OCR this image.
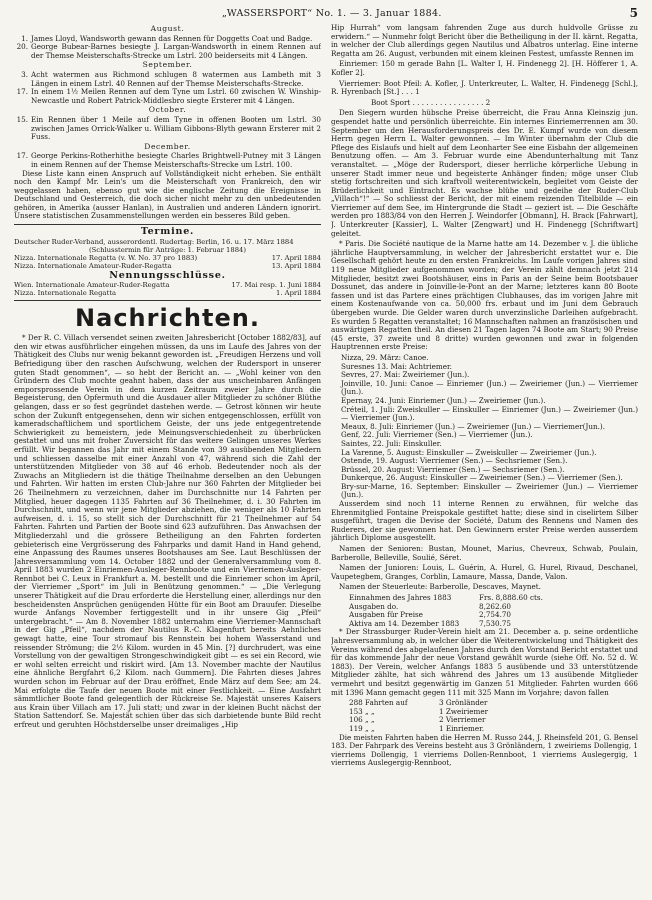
„WASSERSPORT“ No. 1. — 3. Januar 1884.	5
August.
1. James Lloyd, Wandsworth gewann das Rennen für Doggetts Coat und Badge.
20. George Bubear-Barnes besiegte J. Largan-Wandsworth in einem Rennen auf der Themse Meisterschafts-Strecke um Lstrl. 200 beiderseits mit 4 Längen.
September.
3. Acht watermen aus Richmond schlugen 8 watermen aus Lambeth mit 3 Längen in einem Lstrl. 40 Rennen auf der Themse Meisterschafts-Strecke.
17. In einem 1½ Meilen Rennen auf dem Tyne um Lstrl. 60 zwischen W. Winship-Newcastle und Robert Patrick-Middlesbro siegte Ersterer mit 4 Längen.
October.
15. Ein Rennen über 1 Meile auf dem Tyne in offenen Booten um Lstrl. 30 zwischen James Orrick-Walker u. William Gibbons-Blyth gewann Ersterer mit 2 Fuss.
December.
17. George Perkins-Rotherhithe besiegte Charles Brightwell-Putney mit 3 Längen in einem Rennen auf der Themse Meisterschafts-Strecke um Lstrl. 100.

Diese Liste kann einen Anspruch auf Vollständigkeit nicht erheben. Sie enthält noch den Kampf Mr. Lein's um die Meisterschaft von Frankreich, den wir weggelassen haben, ebenso gut wie die englische Zeitung die Ereignisse in Deutschland und Oesterreich, die doch sicher nicht mehr zu den unbedeutenden gehören, in Amerika (ausser Hanlan), in Australien und anderen Ländern ignorirt. Unsere statistischen Zusammenstellungen werden ein besseres Bild geben.

Termine.
Deutscher Ruder-Verband, ausserordentl. Rudertag: Berlin, 16. u. 17. März 1884
(Schlusstermin für Anträge: 1. Februar 1884)
Nizza. Internationale Regatta (v. W. No. 37 pro 1883)	17. April 1884
Nizza. Internationale Amateur-Ruder-Regatta	13. April 1884
Nennungsschlüsse.
Wien. Internationale Amateur-Ruder-Regatta	17. Mai resp. 1. Juni 1884
Nizza. Internationale Regatta	1. April 1884
Nachrichten.

* Der R. C. Villach versendet seinen zweiten Jahresbericht [October 1882/83], auf den wir etwas ausführlicher eingehen müssen, da uns im Laufe des Jahres von der Thätigkeit des Clubs nur wenig bekannt geworden ist. „Freudigen Herzens und voll Befriedigung über den raschen Aufschwung, welchen der Rudersport in unserer guten Stadt genommen“, — so hebt der Bericht an. — „Wohl keiner von den Gründern des Club mochte geahnt haben, dass der aus unscheinbaren Anfängen emporsprossende Verein in dem kurzen Zeitraum zweier Jahre durch die Begeisterung, den Opfermuth und die Ausdauer aller Mitglieder zu schöner Blüthe gelangen, dass er so fest gegründet dastehen werde. — Getrost können wir heute schon der Zukunft entgegensehen, denn wir sichen entgegenschlossen, erfüllt von kameradschaftlichem und sportlichem Geiste, der uns jede entgegentretende Schwierigkeit zu bemeistern, jede Meinungsverschiedenheit zu überbrücken gestattet und uns mit froher Zuversicht für das weitere Gelingen unseres Werkes erfüllt. Wir begannen das Jahr mit einem Stande von 39 ausübenden Mitgliedern und schliessen dasselbe mit einer Anzahl von 47, während sich die Zahl der unterstützenden Mitglieder von 38 auf 46 erhob. Bedeutender noch als der Zuwachs an Mitgliedern ist die thätige Theilnahme derselben an den Uebungen und Fahrten. Wir hatten im ersten Club-Jahre nur 360 Fahrten der Mitglieder bei 26 Theilnehmern zu verzeichnen, daher im Durchschnitte nur 14 Fahrten per Mitglied, heuer dagegen 1135 Fahrten auf 36 Theilnehmer, d. i. 30 Fahrten im Durchschnitt, und wenn wir jene Mitglieder abziehen, die weniger als 10 Fahrten aufweisen, d. i. 15, so stellt sich der Durchschnitt für 21 Theilnehmer auf 54 Fahrten. Fahrten und Partien der Boote sind 623 aufzuführen. Das Anwachsen der Mitgliederzahl und die grössere Betheiligung an den Fahrten forderten gebieterisch eine Vergrösserung des Fahrparks und damit Hand in Hand gehend, eine Anpassung des Raumes unseres Bootshauses am See. Laut Beschlüssen der Jahresversammlung vom 14. October 1882 und der Generalversammlung vom 8. April 1883 wurden 2 Einriemen-Ausleger-Rennboote und ein Vierriemen-Ausleger-Rennbot bei C. Leux in Frankfurt a. M. bestellt und die Einriemer schon im April, der Vierriemer „Sport“ im Juli in Benützung genommen.“ — „Die Verlegung unserer Thätigkeit auf die Drau erforderte die Herstellung einer, allerdings nur den bescheidensten Ansprüchen genügenden Hütte für ein Boot am Drauufer. Dieselbe wurde Anfangs November fertiggestellt und in ihr unsere Gig „Pfeil“ untergebracht.“ — Am 8. November 1882 unternahm eine Vierriemer-Mannschaft in der Gig „Pfeil“, nachdem der Nautilus R.-C. Klagenfurt bereits Aehnliches gewagt hatte, eine Tour stromauf bis Rennstein bei hohem Wasserstand und reissender Strömung; die 2½ Kilom. wurden in 45 Min. [?] durchrudert, was eine Vorstellung von der gewaltigen Strongeschwindigkeit gibt — es sei ein Record, wie er wohl selten erreicht und riskirt wird. [Am 13. November machte der Nautilus eine ähnliche Bergfahrt 6,2 Kilom. nach Gummern]. Die Fahrten dieses Jahres wurden schon im Februar auf der Drau eröffnet, Ende März auf dem See; am 24. Mai erfolgte die Taufe der neuen Boote mit einer Festlichkeit. — Eine Ausfahrt sämmtlicher Boote fand gelegentlich der Rückreise Se. Majestät unseres Kaisers aus Krain über Villach am 17. Juli statt; und zwar in der kleinen Bucht nächst der Station Sattendorf. Se. Majestät schien über das sich darbietende bunte Bild recht erfreut und geruhten Höchstderselbe unser dreimaliges „Hip

Hip Hurrah“ vom langsam fahrenden Zuge aus durch huldvolle Grüsse zu erwidern.“ — Nunmehr folgt Bericht über die Betheiligung in der II. kärnt. Regatta, in welcher der Club allerdings gegen Nautilus und Albatros unterlag. Eine interne Regatta am 26. August, verbunden mit einem kleinen Festest, umfasste Rennen im

Einriemer: 150 m gerade Bahn [L. Walter I, H. Findenegg 2]. [H. Höfferer 1, A. Kofler 2].

Vierriemer: Boot Pfeil: A. Kofler, J. Unterkreuter, L. Walter, H. Findenegg [Schl.], R. Hyrenbach [St.] . . . 1

Boot Sport . . . . . . . . . . . . . . . . 2

Den Siegern wurden hübsche Preise überreicht, die Frau Anna Kleinszig jun. gespendet hatte und persönlich überreichte. Ein internes Einriemerrennen am 30. September um den Herausforderungspreis des Dr. E. Kumpf wurde von diesem Herrn gegen Herrn L. Walter gewonnen. — Im Winter übernahm der Club die Pflege des Eislaufs und hielt auf dem Leonharter See eine Eisbahn der allgemeinen Benutzung offen. — Am 3. Februar wurde eine Abendunterhaltung mit Tanz veranstaltet. — „Möge der Rudersport, dieser herrliche körperliche Uebung in unserer Stadt immer neue und begeisterte Anhänger finden; möge unser Club stetig fortschreiten und sich kraftvoll weiterentwickeln, begleitet vom Geiste der Brüderlichkeit und Eintracht. Es wachse blühe und gedeihe der Ruder-Club „Villach“!“ — So schliesst der Bericht, der mit einem reizenden Titelbilde — ein Vierriemer auf dem See, im Hintergrunde die Stadt — geziert ist. — Die Geschäfte werden pro 1883/84 von den Herren J. Weindorfer [Obmann], H. Brack [Fahrwart], J. Unterkreuter [Kassier], L. Walter [Zengwart] und H. Findenegg [Schriftwart] geleitet.

* Paris. Die Société nautique de la Marne hatte am 14. Dezember v. J. die übliche jährliche Hauptversammlung, in welcher der Jahresbericht erstattet wur e. Die Gesellschaft gehört heute zu den ersten Frankreichs. Im Laufe vorigen Jahres sind 119 neue Mitglieder aufgenommen worden; der Verein zählt demnach jetzt 214 Mitglieder, besitzt zwei Bootshäuser, eins in Paris an der Seine beim Bootsbauer Dossunet, das andere in Joinville-le-Pont an der Marne; letzteres kann 80 Boote fassen und ist das Partere eines prächtigen Clubhauses, das im vorigen Jahre mit einem Kostenaufwande von ca. 50,000 frs. erbaut und im Juni dem Gebrauch übergeben wurde. Die Gelder waren durch unverzinsliche Darleihen aufgebracht. Es wurden 5 Regatten veranstaltet; 16 Mannschaften nahmen an französischen und auswärtigen Regatten theil. An diesen 21 Tagen lagen 74 Boote am Start; 90 Preise (45 erste, 37 zweite und 8 dritte) wurden gewonnen und zwar in folgenden Hauptrennen erste Preise:

Nizza, 29. März: Canoe.
Suresnes 13. Mai: Achtriemer.
Sevres, 27. Mai: Zweiriemer (Jun.).
Joinville, 10. Juni: Canoe — Einriemer (Jun.) — Zweiriemer (Jun.) — Vierriemer (Jun.).
Epernay, 24. Juni: Einriemer (Jun.) — Zweiriemer (Jun.).
Créteil, 1. Juli: Zweiskuller — Einskuller — Einriemer (Jun.) — Zweiriemer (Jun.) — Vierriemer (Jun.).
Meaux, 8. Juli: Einriemer (Jun.) — Zweiriemer (Jun.) — Vierriemer(Jun.).
Genf, 22. Juli: Vierriemer (Sen.) — Vierriemer (Jun.).
Saintes, 22. Juli: Einskuller.
La Varenne, 5. August: Einskuller — Zweiskuller — Zweiriemer (Jun.).
Ostende, 19. August: Vierriemer (Sen.) — Sechsriemer (Sen.).
Brüssel, 20. August: Vierriemer (Sen.) — Sechsriemer (Sen.).
Dunkerque, 26. August: Einskuller — Zweiriemer (Sen.) — Vierriemer (Sen.).
Bry-sur-Marne, 16. September: Einskuller — Zweiriemer (Jun.) — Vierriemer (Jun.).

Ausserdem sind noch 11 interne Rennen zu erwähnen, für welche das Ehrenmitglied Fontaine Preispokale gestiftet hatte; diese sind in ciselirtem Silber ausgeführt, tragen die Devise der Société, Datum des Rennens und Namen des Ruderers, der sie gewonnen hat. Den Gewinnern erster Preise werden ausserdem jährlich Diplome ausgestellt.

Namen der Senioren: Bustan, Mounet, Marius, Chevreux, Schwab, Poulain, Barberolle, Belleville, Soulié, Séret.

Namen der Junioren: Louis, L. Guérin, A. Hurel, G. Hurel, Rivaud, Deschanel, Vaupetegbem, Granges, Corblin, Lamaure, Massa, Dande, Valon.

Namen der Steuerleute: Barberolle, Descaves, Maynet.

Einnahmen des Jahres 1883	Frs. 8,888.60 cts.
Ausgaben do.	8,262.60
Ausgaben für Preise	2,754.70
Aktiva am 14. Dezember 1883	7,530.75

* Der Strassburger Ruder-Verein hielt am 21. December a. p. seine ordentliche Jahresversammlung ab, in welcher über die Weiterentwickelung und Thätigkeit des Vereins während des abgelaufenen Jahres durch den Vorstand Bericht erstattet und für das kommende Jahr der neue Vorstand gewählt wurde (siehe Off. No. 52 d. W. 1883). Der Verein, welcher Anfangs 1883 5 ausübende und 33 unterstützende Mitglieder zählte, hat sich während des Jahres um 13 ausübende Mitglieder vermehrt und besitzt gegenwärtig im Ganzen 51 Mitglieder. Fahrten wurden 666 mit 1396 Mann gemacht gegen 111 mit 325 Mann im Vorjahre; davon fallen

288 Fahrten auf	3 Grönländer
153 „ „	1 Zweiriemer
106 „ „	2 Vierriemer
119 „ „	1 Einriemer.

Die meisten Fahrten haben die Herren M. Russo 244, J. Rheinsfeld 201, G. Bensel 183. Der Fahrpark des Vereins besteht aus 3 Grönländern, 1 zweiriems Dollengig, 1 vierriems Dollengig, 1 vierriems Dollen-Rennboot, 1 vierriems Auslegergig, 1 vierriems Auslegergig-Rennboot,
